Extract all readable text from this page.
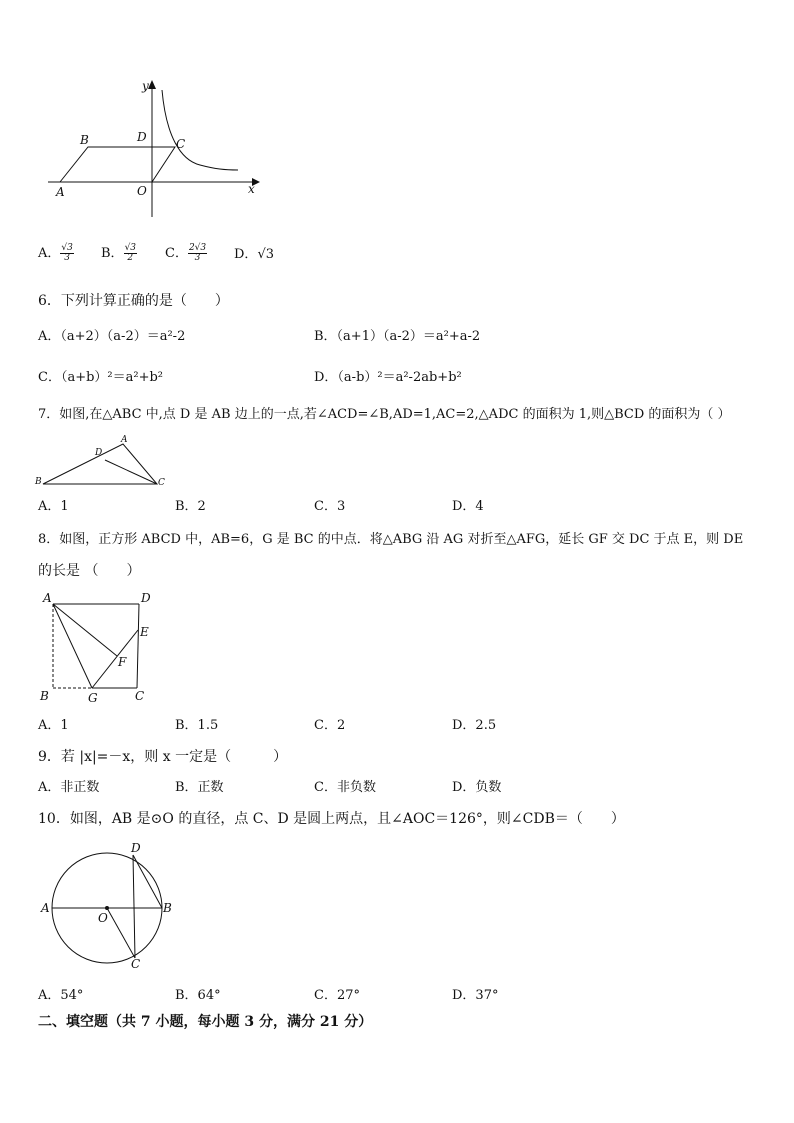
y
x
B	D C
A	O
A． $\frac{√3}{3}$ B． $\frac{√3}{2}$ C． $\frac{2√3}{3}$ D．√3
6．下列计算正确的是（　　）
A．（a+2）（a-2）＝a²-2	B．（a+1）（a-2）＝a²+a-2
C．（a+b）²＝a²+b²	D．（a-b）²＝a²-2ab+b²
7．如图,在△ABC 中,点 D 是 AB 边上的一点,若∠ACD=∠B,AD=1,AC=2,△ADC 的面积为 1,则△BCD 的面积为（ ）
A
B	C
D
A．1	B．2	C．3	D．4
8．如图，正方形 ABCD 中，AB=6，G 是 BC 的中点．将△ABG 沿 AG 对折至△AFG，延长 GF 交 DC 于点 E，则 DE
的长是 （　　）
A	D
E
F
B	G	C
A．1	B．1.5	C．2	D．2.5
9．若 |x|=－x，则 x 一定是（　　　）
A．非正数	B．正数	C．非负数	D．负数
10．如图，AB 是⊙O 的直径，点 C、D 是圆上两点，且∠AOC＝126°，则∠CDB＝（　　）
D
A
O
B
C
A．54°	B．64°	C．27°	D．37°
二、填空题（共 7 小题，每小题 3 分，满分 21 分）
